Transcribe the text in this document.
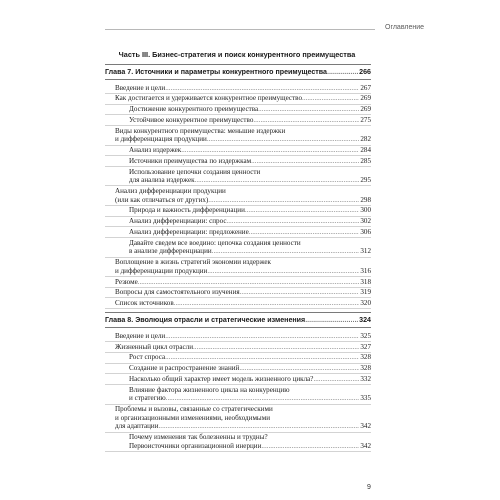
Оглавление
Часть III. Бизнес-стратегия и поиск конкурентного преимущества
Глава 7. Источники и параметры конкурентного преимущества .....	266
Введение и цели .....	267
Как достигается и удерживается конкурентное преимущество .....	269
Достижение конкурентного преимущества .....	269
Устойчивое конкурентное преимущество .....	275
Виды конкурентного преимущества: меньшие издержки
и дифференциация продукции .....	282
Анализ издержек .....	284
Источники преимущества по издержкам .....	285
Использование цепочки создания ценности
для анализа издержек .....	295
Анализ дифференциации продукции
(или как отличаться от других) .....	298
Природа и важность дифференциации .....	300
Анализ дифференциации: спрос .....	302
Анализ дифференциации: предложение .....	306
Давайте сведем все воедино: цепочка создания ценности
в анализе дифференциации .....	312
Воплощение в жизнь стратегий экономии издержек
и дифференциации продукции .....	316
Резюме .....	318
Вопросы для самостоятельного изучения .....	319
Список источников .....	320
Глава 8. Эволюция отрасли и стратегические изменения .....	324
Введение и цели .....	325
Жизненный цикл отрасли .....	327
Рост спроса .....	328
Создание и распространение знаний .....	328
Насколько общий характер имеет модель жизненного цикла? .....	332
Влияние фактора жизненного цикла на конкуренцию
и стратегию .....	335
Проблемы и вызовы, связанные со стратегическими
и организационными изменениями, необходимыми
для адаптации .....	342
Почему изменения так болезненны и трудны?
Первоисточники организационной инерции .....	342
9
